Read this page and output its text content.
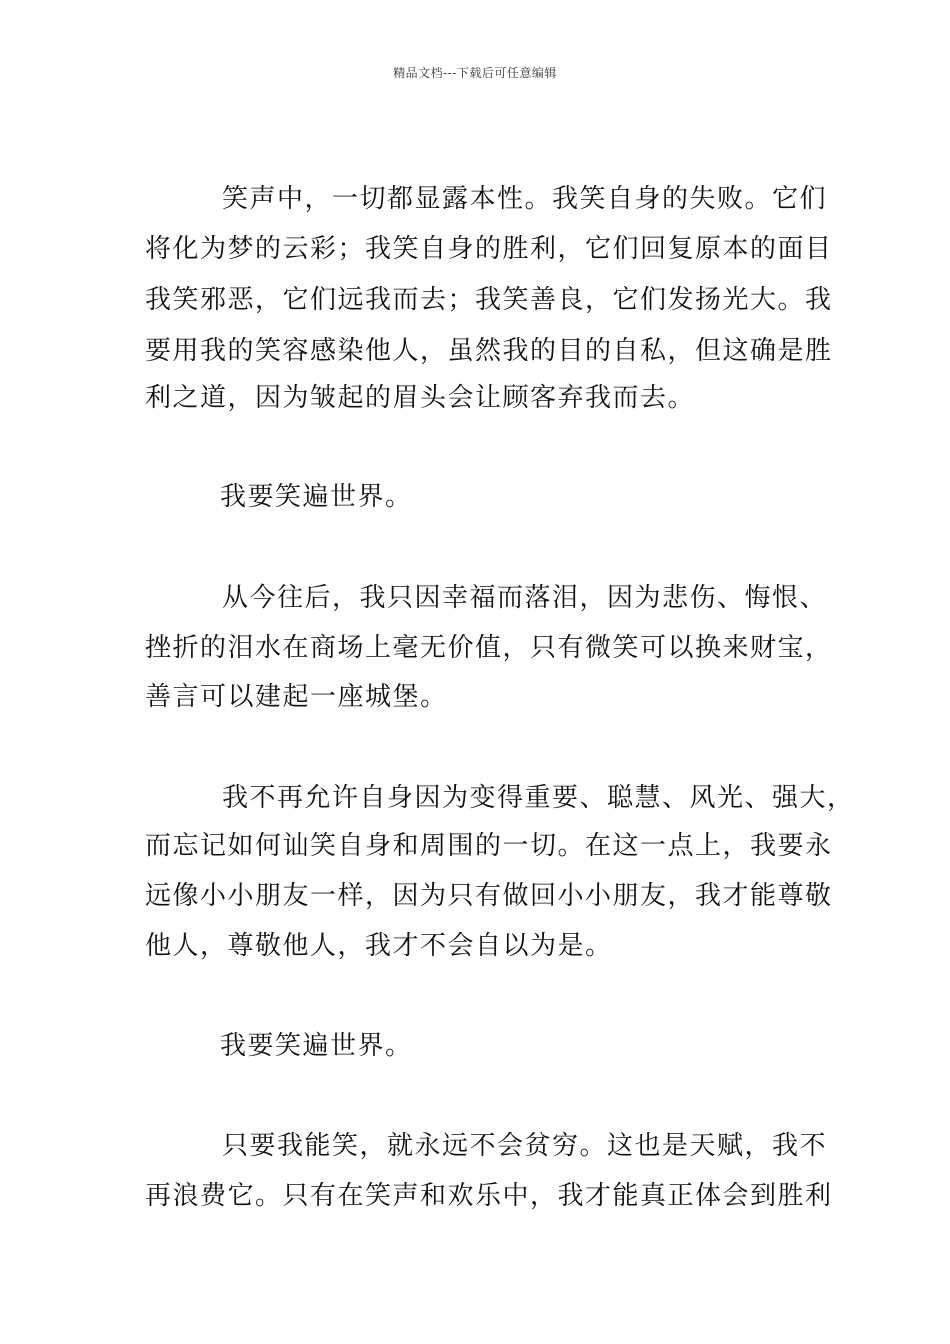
精品文档---下载后可任意编辑
笑声中，一切都显露本性。我笑自身的失败。它们
将化为梦的云彩；我笑自身的胜利，它们回复原本的面目
我笑邪恶，它们远我而去；我笑善良，它们发扬光大。我
要用我的笑容感染他人，虽然我的目的自私，但这确是胜
利之道，因为皱起的眉头会让顾客弃我而去。
我要笑遍世界。
从今往后，我只因幸福而落泪，因为悲伤、悔恨、
挫折的泪水在商场上毫无价值，只有微笑可以换来财宝，
善言可以建起一座城堡。
我不再允许自身因为变得重要、聪慧、风光、强大，
而忘记如何讪笑自身和周围的一切。在这一点上，我要永
远像小小朋友一样，因为只有做回小小朋友，我才能尊敬
他人，尊敬他人，我才不会自以为是。
我要笑遍世界。
只要我能笑，就永远不会贫穷。这也是天赋，我不
再浪费它。只有在笑声和欢乐中，我才能真正体会到胜利
